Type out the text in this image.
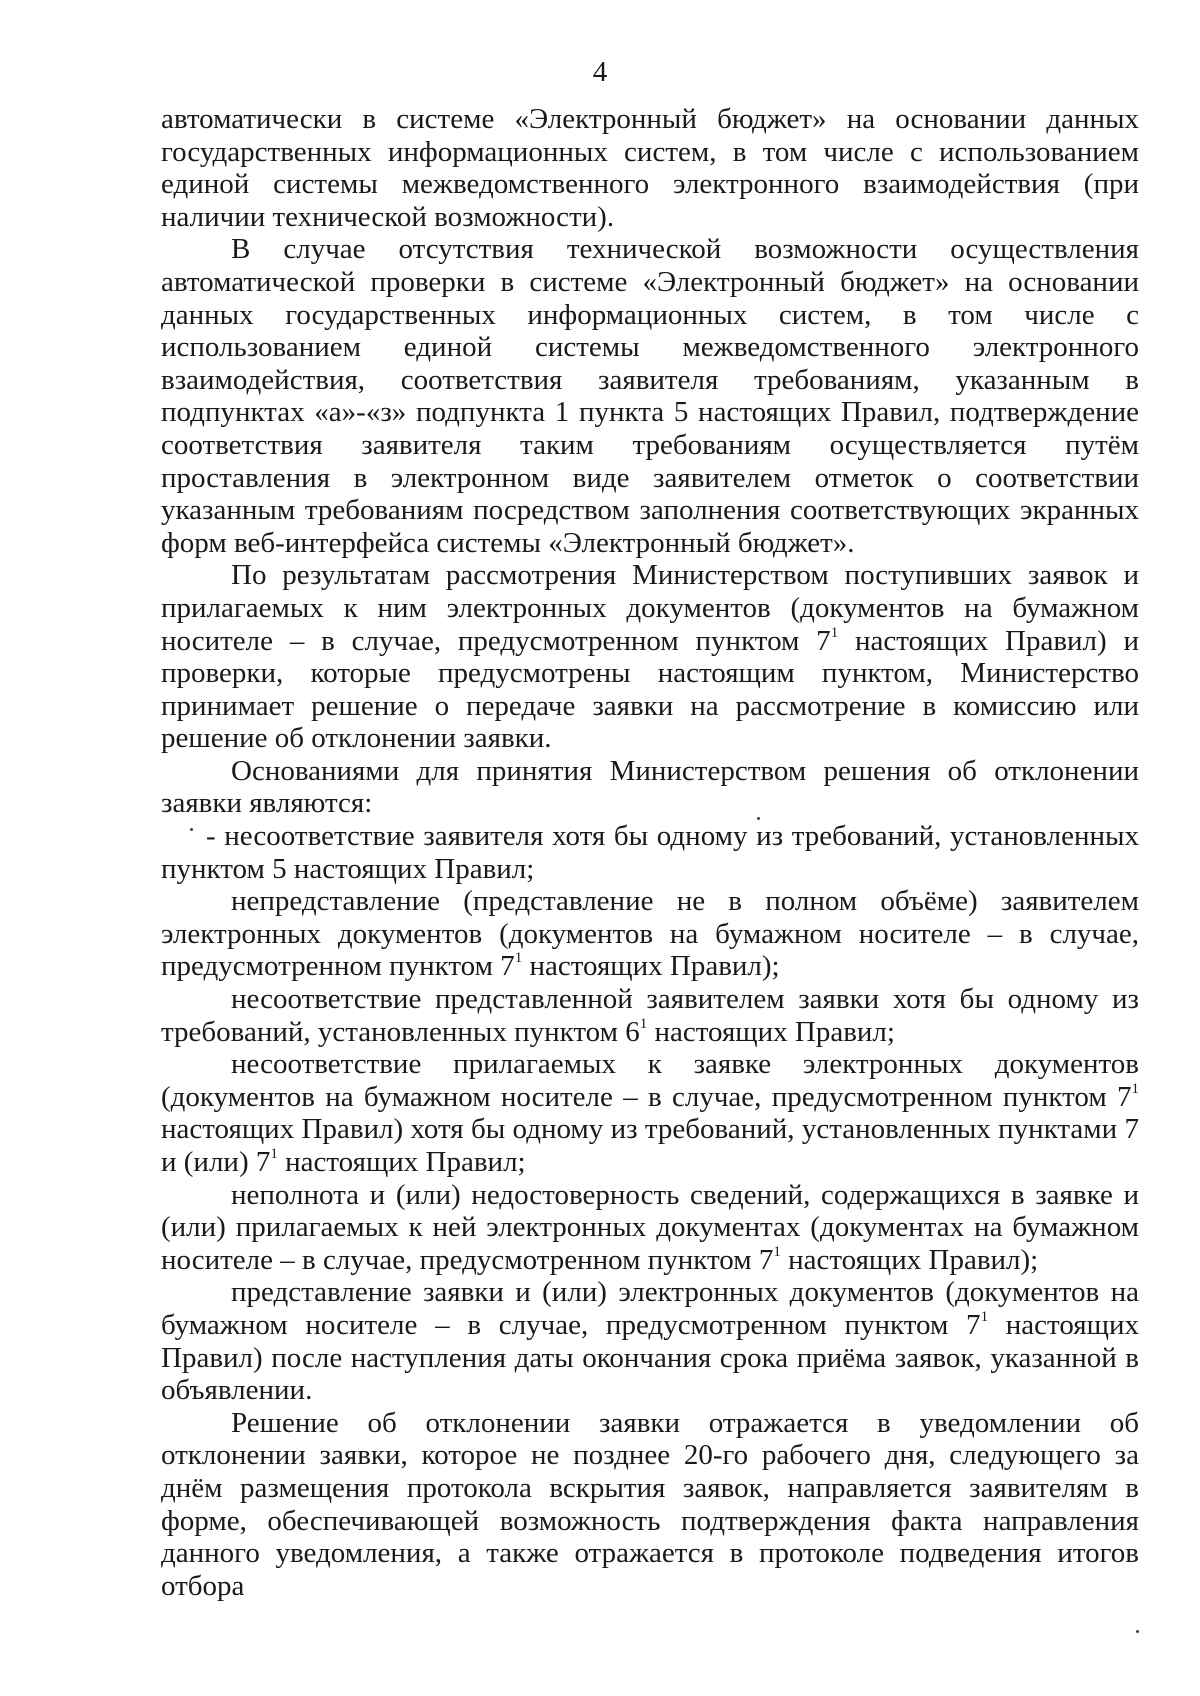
4

автоматически в системе «Электронный бюджет» на основании данных государственных информационных систем, в том числе с использованием единой системы межведомственного электронного взаимодействия (при наличии технической возможности).

В случае отсутствия технической возможности осуществления автоматической проверки в системе «Электронный бюджет» на основании данных государственных информационных систем, в том числе с использованием единой системы межведомственного электронного взаимодействия, соответствия заявителя требованиям, указанным в подпунктах «а»-«з» подпункта 1 пункта 5 настоящих Правил, подтверждение соответствия заявителя таким требованиям осуществляется путём проставления в электронном виде заявителем отметок о соответствии указанным требованиям посредством заполнения соответствующих экранных форм веб-интерфейса системы «Электронный бюджет».

По результатам рассмотрения Министерством поступивших заявок и прилагаемых к ним электронных документов (документов на бумажном носителе – в случае, предусмотренном пунктом $7^1$ настоящих Правил) и проверки, которые предусмотрены настоящим пунктом, Министерство принимает решение о передаче заявки на рассмотрение в комиссию или решение об отклонении заявки.

Основаниями для принятия Министерством решения об отклонении заявки являются:

- несоответствие заявителя хотя бы одному из требований, установленных пунктом 5 настоящих Правил;

непредставление (представление не в полном объёме) заявителем электронных документов (документов на бумажном носителе – в случае, предусмотренном пунктом $7^1$ настоящих Правил);

несоответствие представленной заявителем заявки хотя бы одному из требований, установленных пунктом $6^1$ настоящих Правил;

несоответствие прилагаемых к заявке электронных документов (документов на бумажном носителе – в случае, предусмотренном пунктом $7^1$ настоящих Правил) хотя бы одному из требований, установленных пунктами 7 и (или) $7^1$ настоящих Правил;

неполнота и (или) недостоверность сведений, содержащихся в заявке и (или) прилагаемых к ней электронных документах (документах на бумажном носителе – в случае, предусмотренном пунктом $7^1$ настоящих Правил);

представление заявки и (или) электронных документов (документов на бумажном носителе – в случае, предусмотренном пунктом $7^1$ настоящих Правил) после наступления даты окончания срока приёма заявок, указанной в объявлении.

Решение об отклонении заявки отражается в уведомлении об отклонении заявки, которое не позднее 20-го рабочего дня, следующего за днём размещения протокола вскрытия заявок, направляется заявителям в форме, обеспечивающей возможность подтверждения факта направления данного уведомления, а также отражается в протоколе подведения итогов отбора
